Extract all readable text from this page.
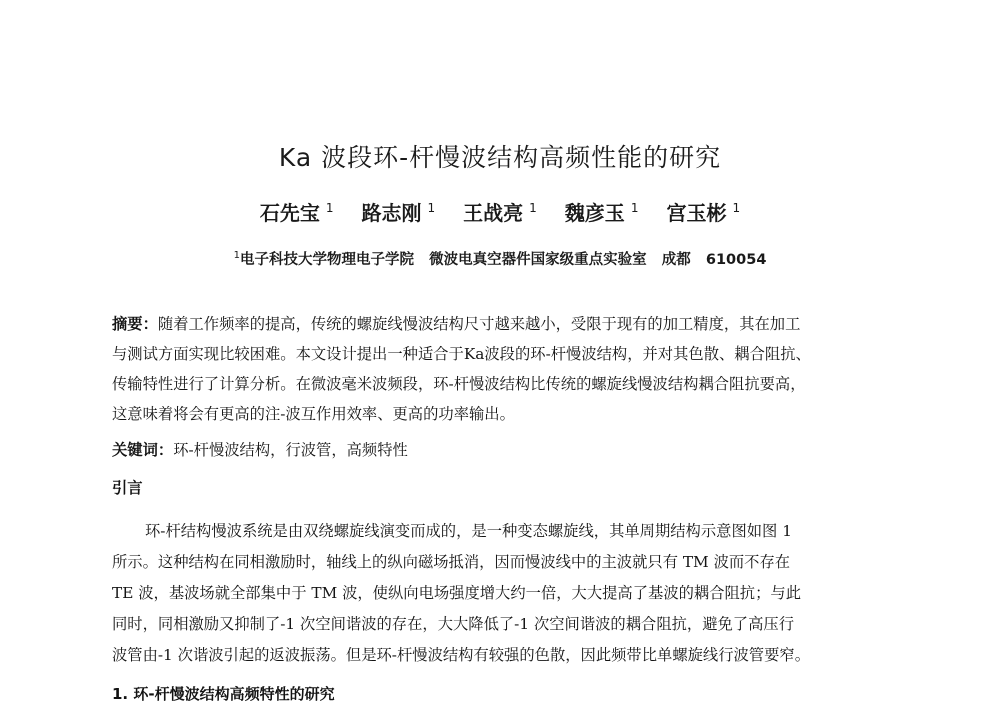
Ka 波段环-杆慢波结构高频性能的研究
石先宝 $^1$ 路志刚 $^1$ 王战亮 $^1$ 魏彦玉 $^1$ 宫玉彬 $^1$
$^1$电子科技大学物理电子学院   微波电真空器件国家级重点实验室   成都   610054
摘要：随着工作频率的提高，传统的螺旋线慢波结构尺寸越来越小，受限于现有的加工精度，其在加工
与测试方面实现比较困难。本文设计提出一种适合于Ka波段的环-杆慢波结构，并对其色散、耦合阻抗、
传输特性进行了计算分析。在微波毫米波频段，环-杆慢波结构比传统的螺旋线慢波结构耦合阻抗要高，
这意味着将会有更高的注-波互作用效率、更高的功率输出。
关键词：环-杆慢波结构，行波管，高频特性
引言
环-杆结构慢波系统是由双绕螺旋线演变而成的，是一种变态螺旋线，其单周期结构示意图如图 1
所示。这种结构在同相激励时，轴线上的纵向磁场抵消，因而慢波线中的主波就只有 TM 波而不存在
TE 波，基波场就全部集中于 TM 波，使纵向电场强度增大约一倍，大大提高了基波的耦合阻抗；与此
同时，同相激励又抑制了-1 次空间谐波的存在，大大降低了-1 次空间谐波的耦合阻抗，避免了高压行
波管由-1 次谐波引起的返波振荡。但是环-杆慢波结构有较强的色散，因此频带比单螺旋线行波管要窄。
1. 环-杆慢波结构高频特性的研究
